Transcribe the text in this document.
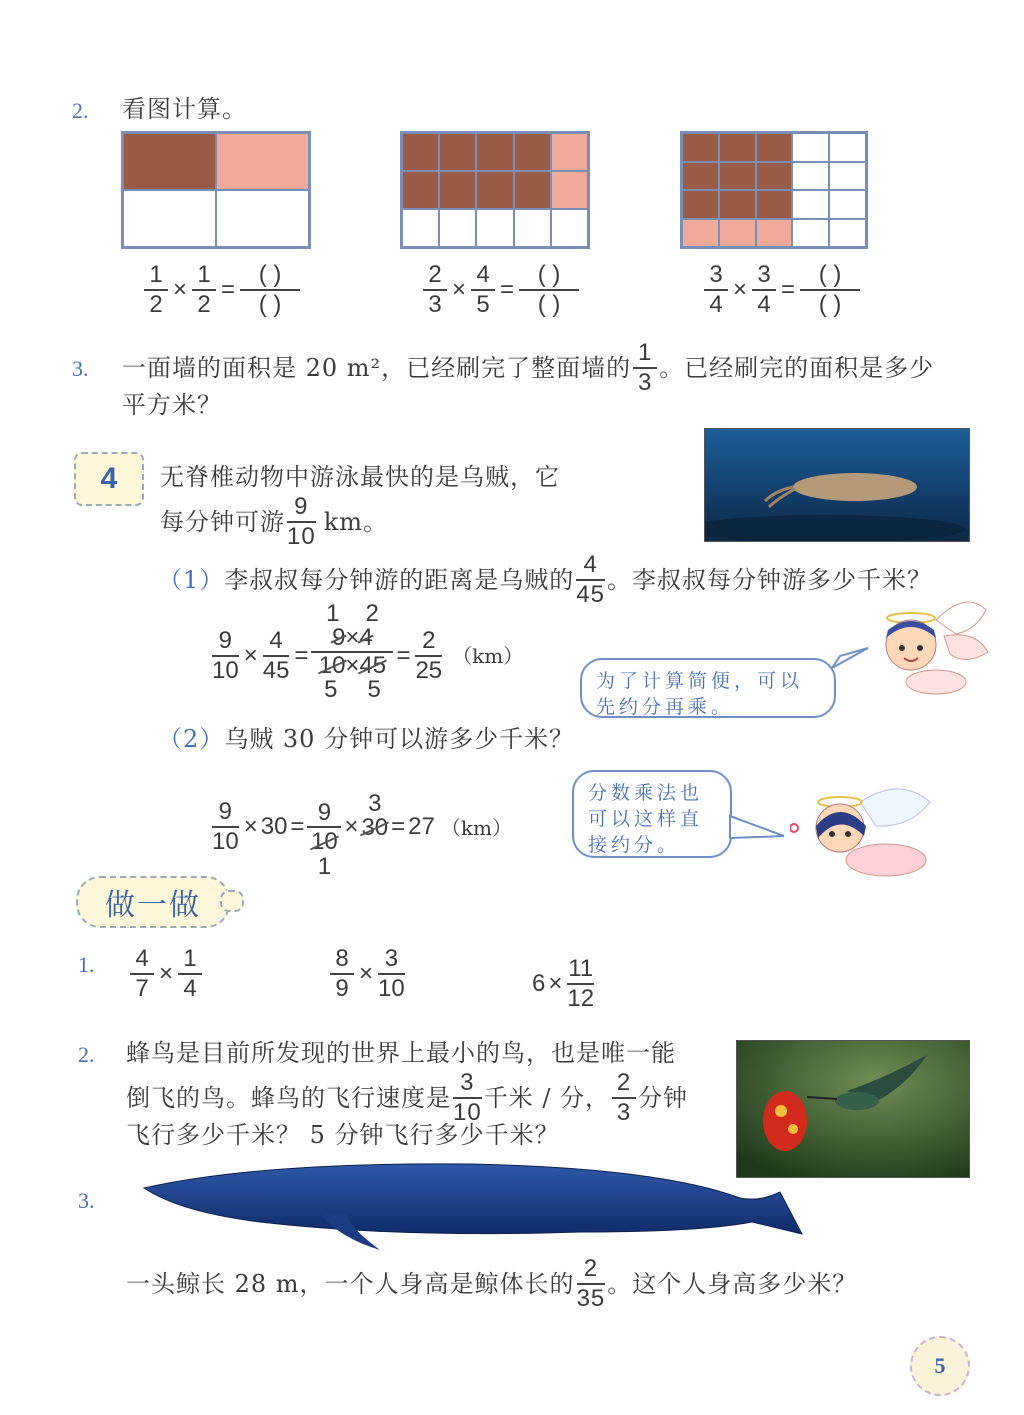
2. 看图计算。
$\frac{1}{2} \times \frac{1}{2} = \frac{( )}{( )}$	$\frac{2}{3} \times \frac{4}{5} = \frac{( )}{( )}$	$\frac{3}{4} \times \frac{3}{4} = \frac{( )}{( )}$
3. 一面墙的面积是 20 m²，已经刷完了整面墙的 $\frac{1}{3}$ 。已经刷完的面积是多少
平方米？
4 无脊椎动物中游泳最快的是乌贼，它
每分钟可游 $\frac{9}{10}$ km。
（1） 李叔叔每分钟游的距离是乌贼的 $\frac{4}{45}$ 。李叔叔每分钟游多少千米？
$\frac{9}{10} \times \frac{4}{45}$ =
1 2
9×4
10×45
5 5
= $\frac{2}{25} (km)$
为了计算简便，可以先约分再乘。
（2） 乌贼 30 分钟可以游多少千米？
$\frac{9}{10} \times 30 = 9$
10
1
×
3
30 = 27 （km）
分数乘法也可以这样直接约分。
做一做
1. $\frac{4}{7} \times \frac{1}{4}$	$\frac{8}{9} \times \frac{3}{10}$	$6 \times \frac{11}{12}$
2. 蜂鸟是目前所发现的世界上最小的鸟，也是唯一能
倒飞的鸟。蜂鸟的飞行速度是 $\frac{3}{10}$ 千米 / 分， $\frac{2}{3}$ 分钟
飞行多少千米？ 5 分钟飞行多少千米？
3.
一头鲸长 28 m，一个人身高是鲸体长的 $\frac{2}{35}$ 。这个人身高多少米？
5
